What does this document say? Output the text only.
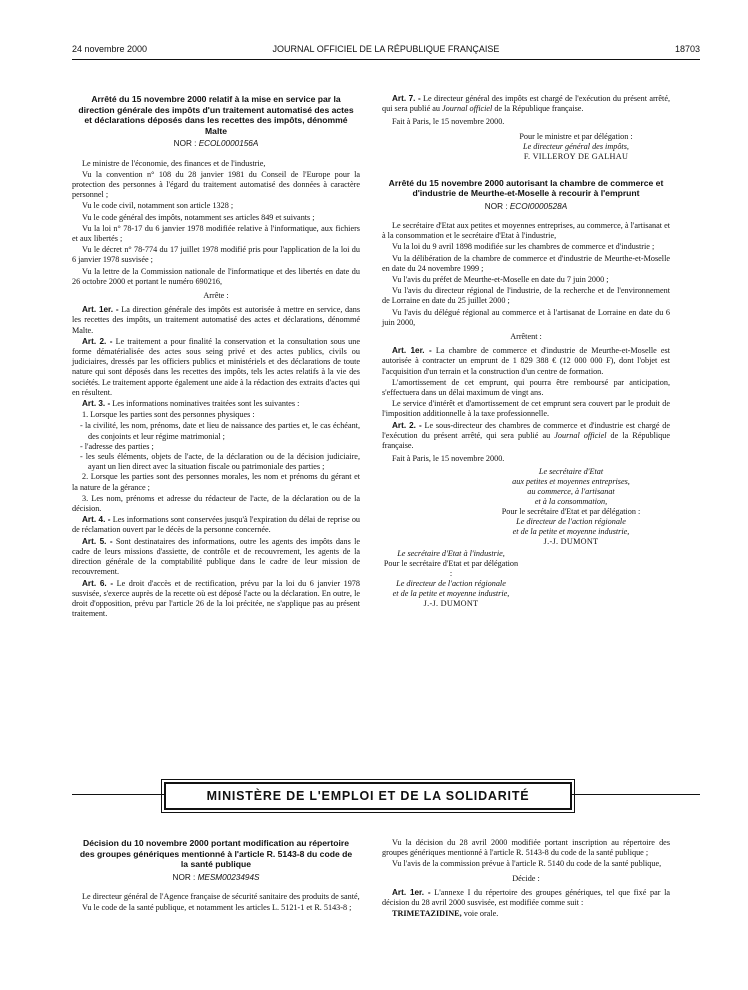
24 novembre 2000	JOURNAL OFFICIEL DE LA RÉPUBLIQUE FRANÇAISE	18703
Arrêté du 15 novembre 2000 relatif à la mise en service par la direction générale des impôts d'un traitement automatisé des actes et déclarations déposés dans les recettes des impôts, dénommé Malte
NOR : ECOL0000156A

Le ministre de l'économie, des finances et de l'industrie,

Vu la convention n° 108 du 28 janvier 1981 du Conseil de l'Europe pour la protection des personnes à l'égard du traitement automatisé des données à caractère personnel ;

Vu le code civil, notamment son article 1328 ;

Vu le code général des impôts, notamment ses articles 849 et suivants ;

Vu la loi n° 78-17 du 6 janvier 1978 modifiée relative à l'informatique, aux fichiers et aux libertés ;

Vu le décret n° 78-774 du 17 juillet 1978 modifié pris pour l'application de la loi du 6 janvier 1978 susvisée ;

Vu la lettre de la Commission nationale de l'informatique et des libertés en date du 26 octobre 2000 et portant le numéro 690216,

Arrête :

Art. 1er. - La direction générale des impôts est autorisée à mettre en service, dans les recettes des impôts, un traitement automatisé des actes et déclarations, dénommé Malte.

Art. 2. - Le traitement a pour finalité la conservation et la consultation sous une forme dématérialisée des actes sous seing privé et des actes publics, civils ou judiciaires, dressés par les officiers publics et ministériels et des déclarations de toute nature qui sont déposés dans les recettes des impôts, tels les actes relatifs à la vie des sociétés. Le traitement apporte également une aide à la rédaction des extraits d'actes qui en résultent.

Art. 3. - Les informations nominatives traitées sont les suivantes :

1. Lorsque les parties sont des personnes physiques :

- la civilité, les nom, prénoms, date et lieu de naissance des parties et, le cas échéant, des conjoints et leur régime matrimonial ;
- l'adresse des parties ;
- les seuls éléments, objets de l'acte, de la déclaration ou de la décision judiciaire, ayant un lien direct avec la situation fiscale ou patrimoniale des parties ;

2. Lorsque les parties sont des personnes morales, les nom et prénoms du gérant et la nature de la gérance ;

3. Les nom, prénoms et adresse du rédacteur de l'acte, de la déclaration ou de la décision.

Art. 4. - Les informations sont conservées jusqu'à l'expiration du délai de reprise ou de réclamation ouvert par le décès de la personne concernée.

Art. 5. - Sont destinataires des informations, outre les agents des impôts dans le cadre de leurs missions d'assiette, de contrôle et de recouvrement, les agents de la direction générale de la comptabilité publique dans le cadre de leur mission de recouvrement.

Art. 6. - Le droit d'accès et de rectification, prévu par la loi du 6 janvier 1978 susvisée, s'exerce auprès de la recette où est déposé l'acte ou la déclaration. En outre, le droit d'opposition, prévu par l'article 26 de la loi précitée, ne s'applique pas au présent traitement.

Art. 7. - Le directeur général des impôts est chargé de l'exécution du présent arrêté, qui sera publié au Journal officiel de la République française.

Fait à Paris, le 15 novembre 2000.

Pour le ministre et par délégation :
Le directeur général des impôts,
F. VILLEROY DE GALHAU
Arrêté du 15 novembre 2000 autorisant la chambre de commerce et d'industrie de Meurthe-et-Moselle à recourir à l'emprunt
NOR : ECOI0000528A

Le secrétaire d'Etat aux petites et moyennes entreprises, au commerce, à l'artisanat et à la consommation et le secrétaire d'Etat à l'industrie,

Vu la loi du 9 avril 1898 modifiée sur les chambres de commerce et d'industrie ;

Vu la délibération de la chambre de commerce et d'industrie de Meurthe-et-Moselle en date du 24 novembre 1999 ;

Vu l'avis du préfet de Meurthe-et-Moselle en date du 7 juin 2000 ;

Vu l'avis du directeur régional de l'industrie, de la recherche et de l'environnement de Lorraine en date du 25 juillet 2000 ;

Vu l'avis du délégué régional au commerce et à l'artisanat de Lorraine en date du 6 juin 2000,

Arrêtent :

Art. 1er. - La chambre de commerce et d'industrie de Meurthe-et-Moselle est autorisée à contracter un emprunt de 1 829 388 € (12 000 000 F), dont l'objet est l'acquisition d'un terrain et la construction d'un centre de formation.

L'amortissement de cet emprunt, qui pourra être remboursé par anticipation, s'effectuera dans un délai maximum de vingt ans.

Le service d'intérêt et d'amortissement de cet emprunt sera couvert par le produit de l'imposition additionnelle à la taxe professionnelle.

Art. 2. - Le sous-directeur des chambres de commerce et d'industrie est chargé de l'exécution du présent arrêté, qui sera publié au Journal officiel de la République française.

Fait à Paris, le 15 novembre 2000.

Le secrétaire d'Etat
aux petites et moyennes entreprises,
au commerce, à l'artisanat
et à la consommation,
Pour le secrétaire d'Etat et par délégation :
Le directeur de l'action régionale
et de la petite et moyenne industrie,
J.-J. DUMONT
Le secrétaire d'Etat à l'industrie,
Pour le secrétaire d'Etat et par délégation :
Le directeur de l'action régionale
et de la petite et moyenne industrie,
J.-J. DUMONT
MINISTÈRE DE L'EMPLOI ET DE LA SOLIDARITÉ
Décision du 10 novembre 2000 portant modification au répertoire des groupes génériques mentionné à l'article R. 5143-8 du code de la santé publique
NOR : MESM0023494S

Le directeur général de l'Agence française de sécurité sanitaire des produits de santé,

Vu le code de la santé publique, et notamment les articles L. 5121-1 et R. 5143-8 ;

Vu la décision du 28 avril 2000 modifiée portant inscription au répertoire des groupes génériques mentionné à l'article R. 5143-8 du code de la santé publique ;

Vu l'avis de la commission prévue à l'article R. 5140 du code de la santé publique,

Décide :

Art. 1er. - L'annexe I du répertoire des groupes génériques, tel que fixé par la décision du 28 avril 2000 susvisée, est modifiée comme suit :

TRIMETAZIDINE, voie orale.
